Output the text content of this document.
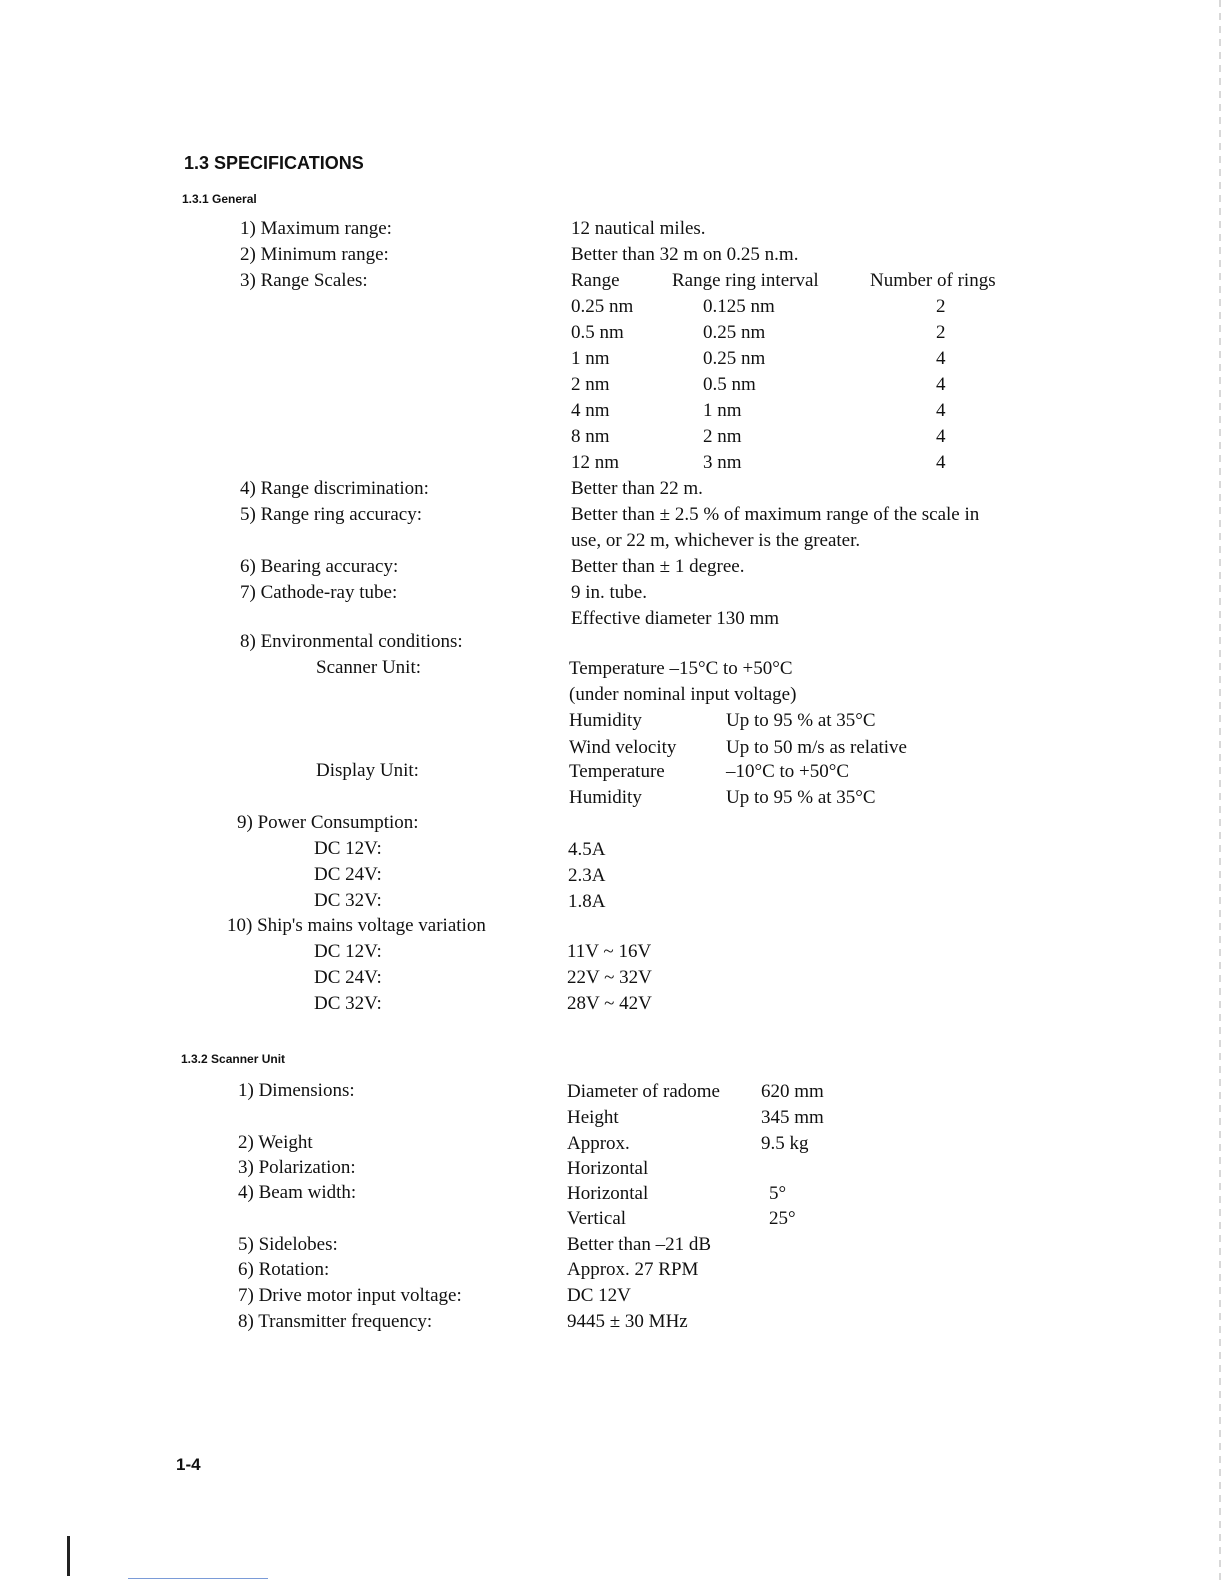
1.3 SPECIFICATIONS
1.3.1 General
1) Maximum range:	12 nautical miles.
2) Minimum range:	Better than 32 m on 0.25 n.m.
3) Range Scales:	Range	Range ring interval	Number of rings
0.25 nm	0.125 nm	2
0.5 nm	0.25 nm	2
1 nm	0.25 nm	4
2 nm	0.5 nm	4
4 nm	1 nm	4
8 nm	2 nm	4
12 nm	3 nm	4
4) Range discrimination:	Better than 22 m.
5) Range ring accuracy:	Better than ± 2.5 % of maximum range of the scale in
use, or 22 m, whichever is the greater.
6) Bearing accuracy:	Better than ± 1 degree.
7) Cathode-ray tube:	9 in. tube.
Effective diameter 130 mm
8) Environmental conditions:
Scanner Unit:	Temperature –15°C to +50°C
(under nominal input voltage)
Humidity	Up to 95 % at 35°C
Wind velocity	Up to 50 m/s as relative
Display Unit:	Temperature	–10°C to +50°C
Humidity	Up to 95 % at 35°C
9) Power Consumption:
DC 12V:	4.5A
DC 24V:	2.3A
DC 32V:	1.8A
10) Ship's mains voltage variation
DC 12V:	11V ~ 16V
DC 24V:	22V ~ 32V
DC 32V:	28V ~ 42V
1.3.2 Scanner Unit
1) Dimensions:	Diameter of radome 620 mm
Height	345 mm
2) Weight	Approx.	9.5 kg
3) Polarization:	Horizontal
4) Beam width:	Horizontal	5°
Vertical	25°
5) Sidelobes:	Better than –21 dB
6) Rotation:	Approx. 27 RPM
7) Drive motor input voltage:	DC 12V
8) Transmitter frequency:	9445 ± 30 MHz
1-4
